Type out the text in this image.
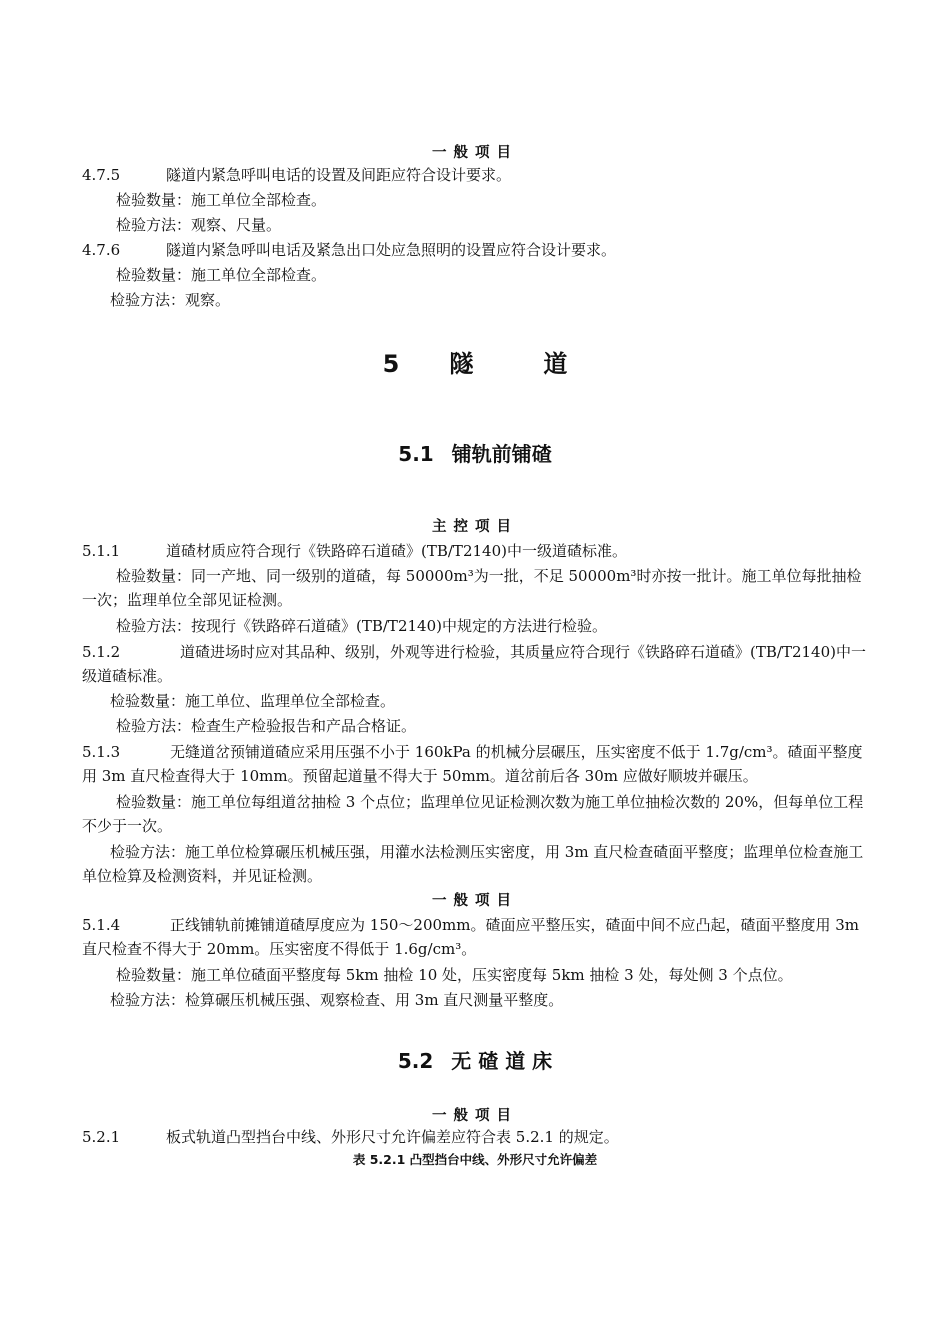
一般项目
4.7.5	隧道内紧急呼叫电话的设置及间距应符合设计要求。
检验数量：施工单位全部检查。
检验方法：观察、尺量。
4.7.6	隧道内紧急呼叫电话及紧急出口处应急照明的设置应符合设计要求。
检验数量：施工单位全部检查。
检验方法：观察。
5 隧	道
5.1 铺轨前铺碴
主控项目
5.1.1	道碴材质应符合现行《铁路碎石道碴》(TB/T2140)中一级道碴标准。
检验数量：同一产地、同一级别的道碴，每 50000m³为一批，不足 50000m³时亦按一批计。施工单位每批抽检一次；监理单位全部见证检测。
检验方法：按现行《铁路碎石道碴》(TB/T2140)中规定的方法进行检验。
5.1.2	道碴进场时应对其品种、级别，外观等进行检验，其质量应符合现行《铁路碎石道碴》(TB/T2140)中一级道碴标准。
检验数量：施工单位、监理单位全部检查。
检验方法：检查生产检验报告和产品合格证。
5.1.3	无缝道岔预铺道碴应采用压强不小于 160kPa 的机械分层碾压，压实密度不低于 1.7g/cm³。碴面平整度用 3m 直尺检查得大于 10mm。预留起道量不得大于 50mm。道岔前后各 30m 应做好顺坡并碾压。
检验数量：施工单位每组道岔抽检 3 个点位；监理单位见证检测次数为施工单位抽检次数的 20%，但每单位工程不少于一次。
检验方法：施工单位检算碾压机械压强，用灌水法检测压实密度，用 3m 直尺检查碴面平整度；监理单位检查施工单位检算及检测资料，并见证检测。
一般项目
5.1.4	正线铺轨前摊铺道碴厚度应为 150～200mm。碴面应平整压实，碴面中间不应凸起，碴面平整度用 3m 直尺检查不得大于 20mm。压实密度不得低于 1.6g/cm³。
检验数量：施工单位碴面平整度每 5km 抽检 10 处，压实密度每 5km 抽检 3 处，每处侧 3 个点位。
检验方法：检算碾压机械压强、观察检查、用 3m 直尺测量平整度。
5.2 无 碴 道 床
一般项目
5.2.1	板式轨道凸型挡台中线、外形尺寸允许偏差应符合表 5.2.1 的规定。
表 5.2.1 凸型挡台中线、外形尺寸允许偏差
